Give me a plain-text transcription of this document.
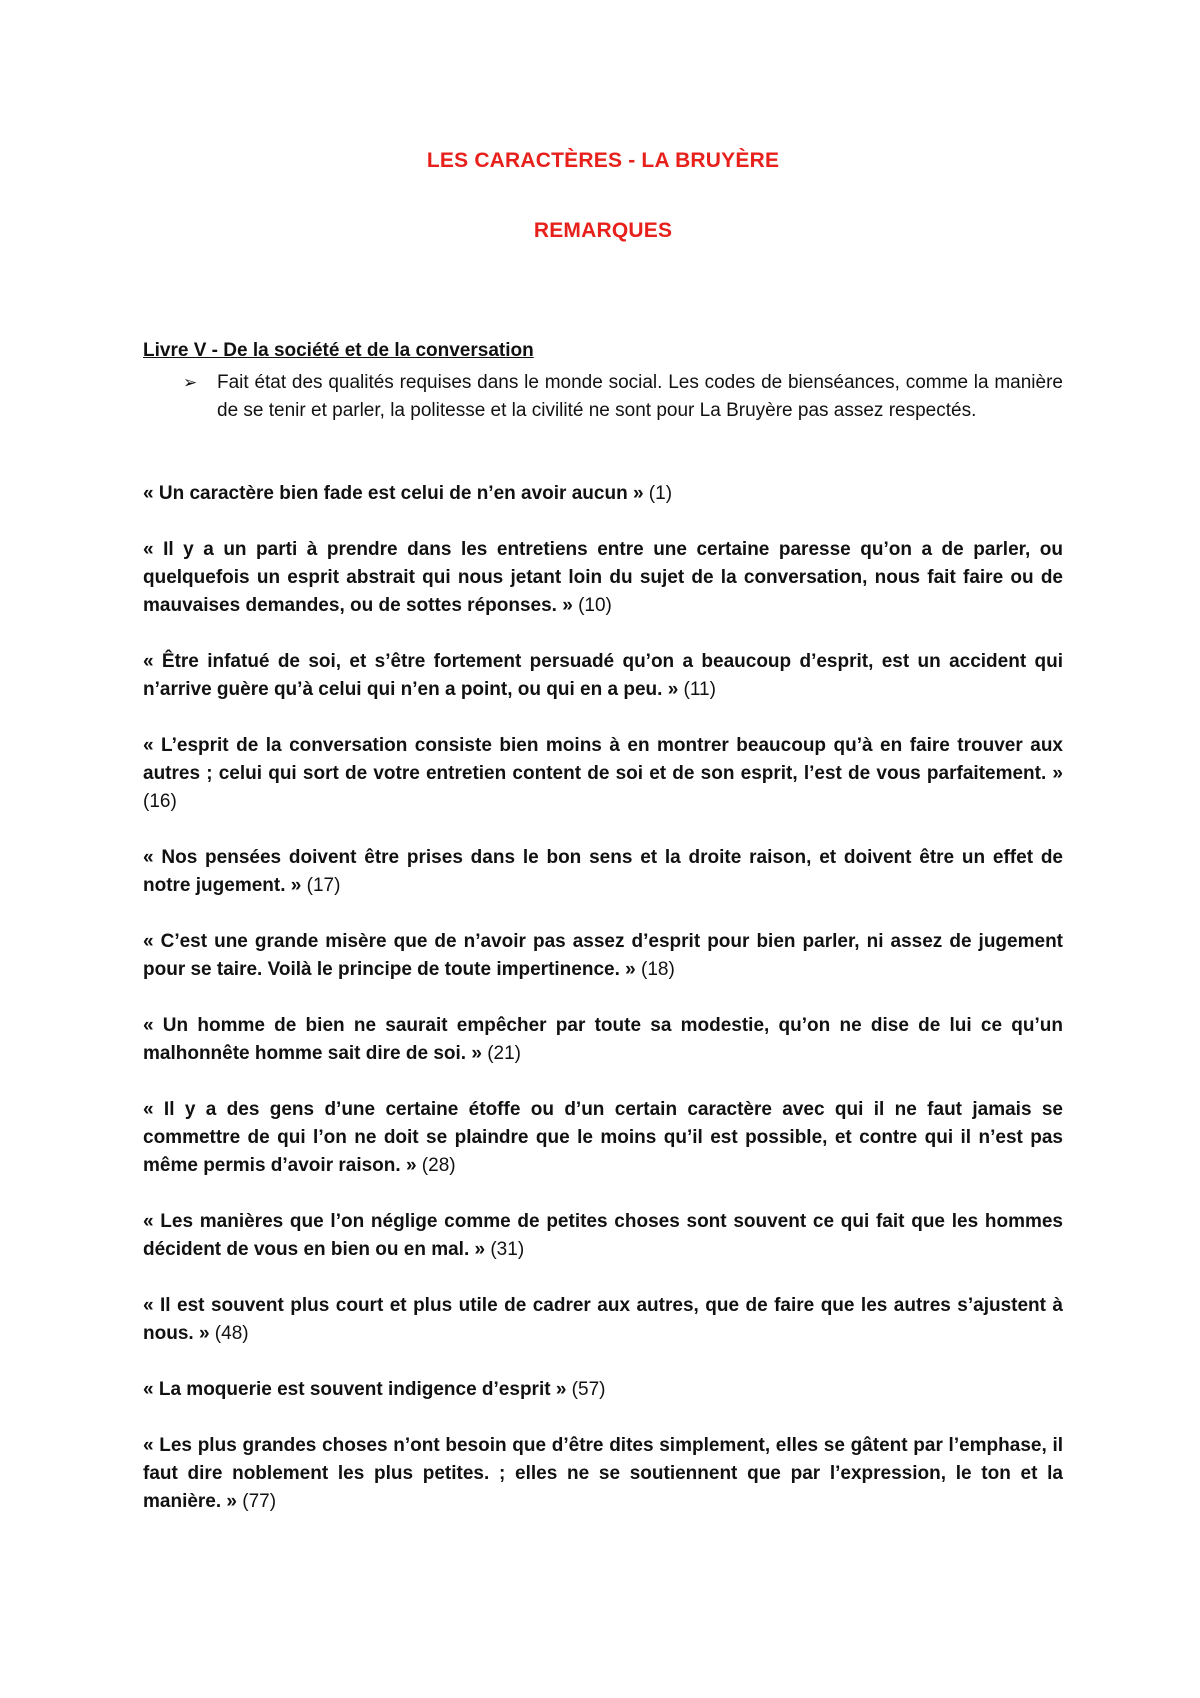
LES CARACTÈRES - LA BRUYÈRE
REMARQUES
Livre V - De la société et de la conversation
➢ Fait état des qualités requises dans le monde social. Les codes de bienséances, comme la manière de se tenir et parler, la politesse et la civilité ne sont pour La Bruyère pas assez respectés.

« Un caractère bien fade est celui de n’en avoir aucun » (1)

« Il y a un parti à prendre dans les entretiens entre une certaine paresse qu’on a de parler, ou quelquefois un esprit abstrait qui nous jetant loin du sujet de la conversation, nous fait faire ou de mauvaises demandes, ou de sottes réponses. » (10)

« Être infatué de soi, et s’être fortement persuadé qu’on a beaucoup d’esprit, est un accident qui n’arrive guère qu’à celui qui n’en a point, ou qui en a peu. » (11)

« L’esprit de la conversation consiste bien moins à en montrer beaucoup qu’à en faire trouver aux autres ; celui qui sort de votre entretien content de soi et de son esprit, l’est de vous parfaitement. » (16)

« Nos pensées doivent être prises dans le bon sens et la droite raison, et doivent être un effet de notre jugement. » (17)

« C’est une grande misère que de n’avoir pas assez d’esprit pour bien parler, ni assez de jugement pour se taire. Voilà le principe de toute impertinence. » (18)

« Un homme de bien ne saurait empêcher par toute sa modestie, qu’on ne dise de lui ce qu’un malhonnête homme sait dire de soi. » (21)

« Il y a des gens d’une certaine étoffe ou d’un certain caractère avec qui il ne faut jamais se commettre de qui l’on ne doit se plaindre que le moins qu’il est possible, et contre qui il n’est pas même permis d’avoir raison. » (28)

« Les manières que l’on néglige comme de petites choses sont souvent ce qui fait que les hommes décident de vous en bien ou en mal. » (31)

« Il est souvent plus court et plus utile de cadrer aux autres, que de faire que les autres s’ajustent à nous. » (48)

« La moquerie est souvent indigence d’esprit » (57)

« Les plus grandes choses n’ont besoin que d’être dites simplement, elles se gâtent par l’emphase, il faut dire noblement les plus petites. ; elles ne se soutiennent que par l’expression, le ton et la manière. » (77)
